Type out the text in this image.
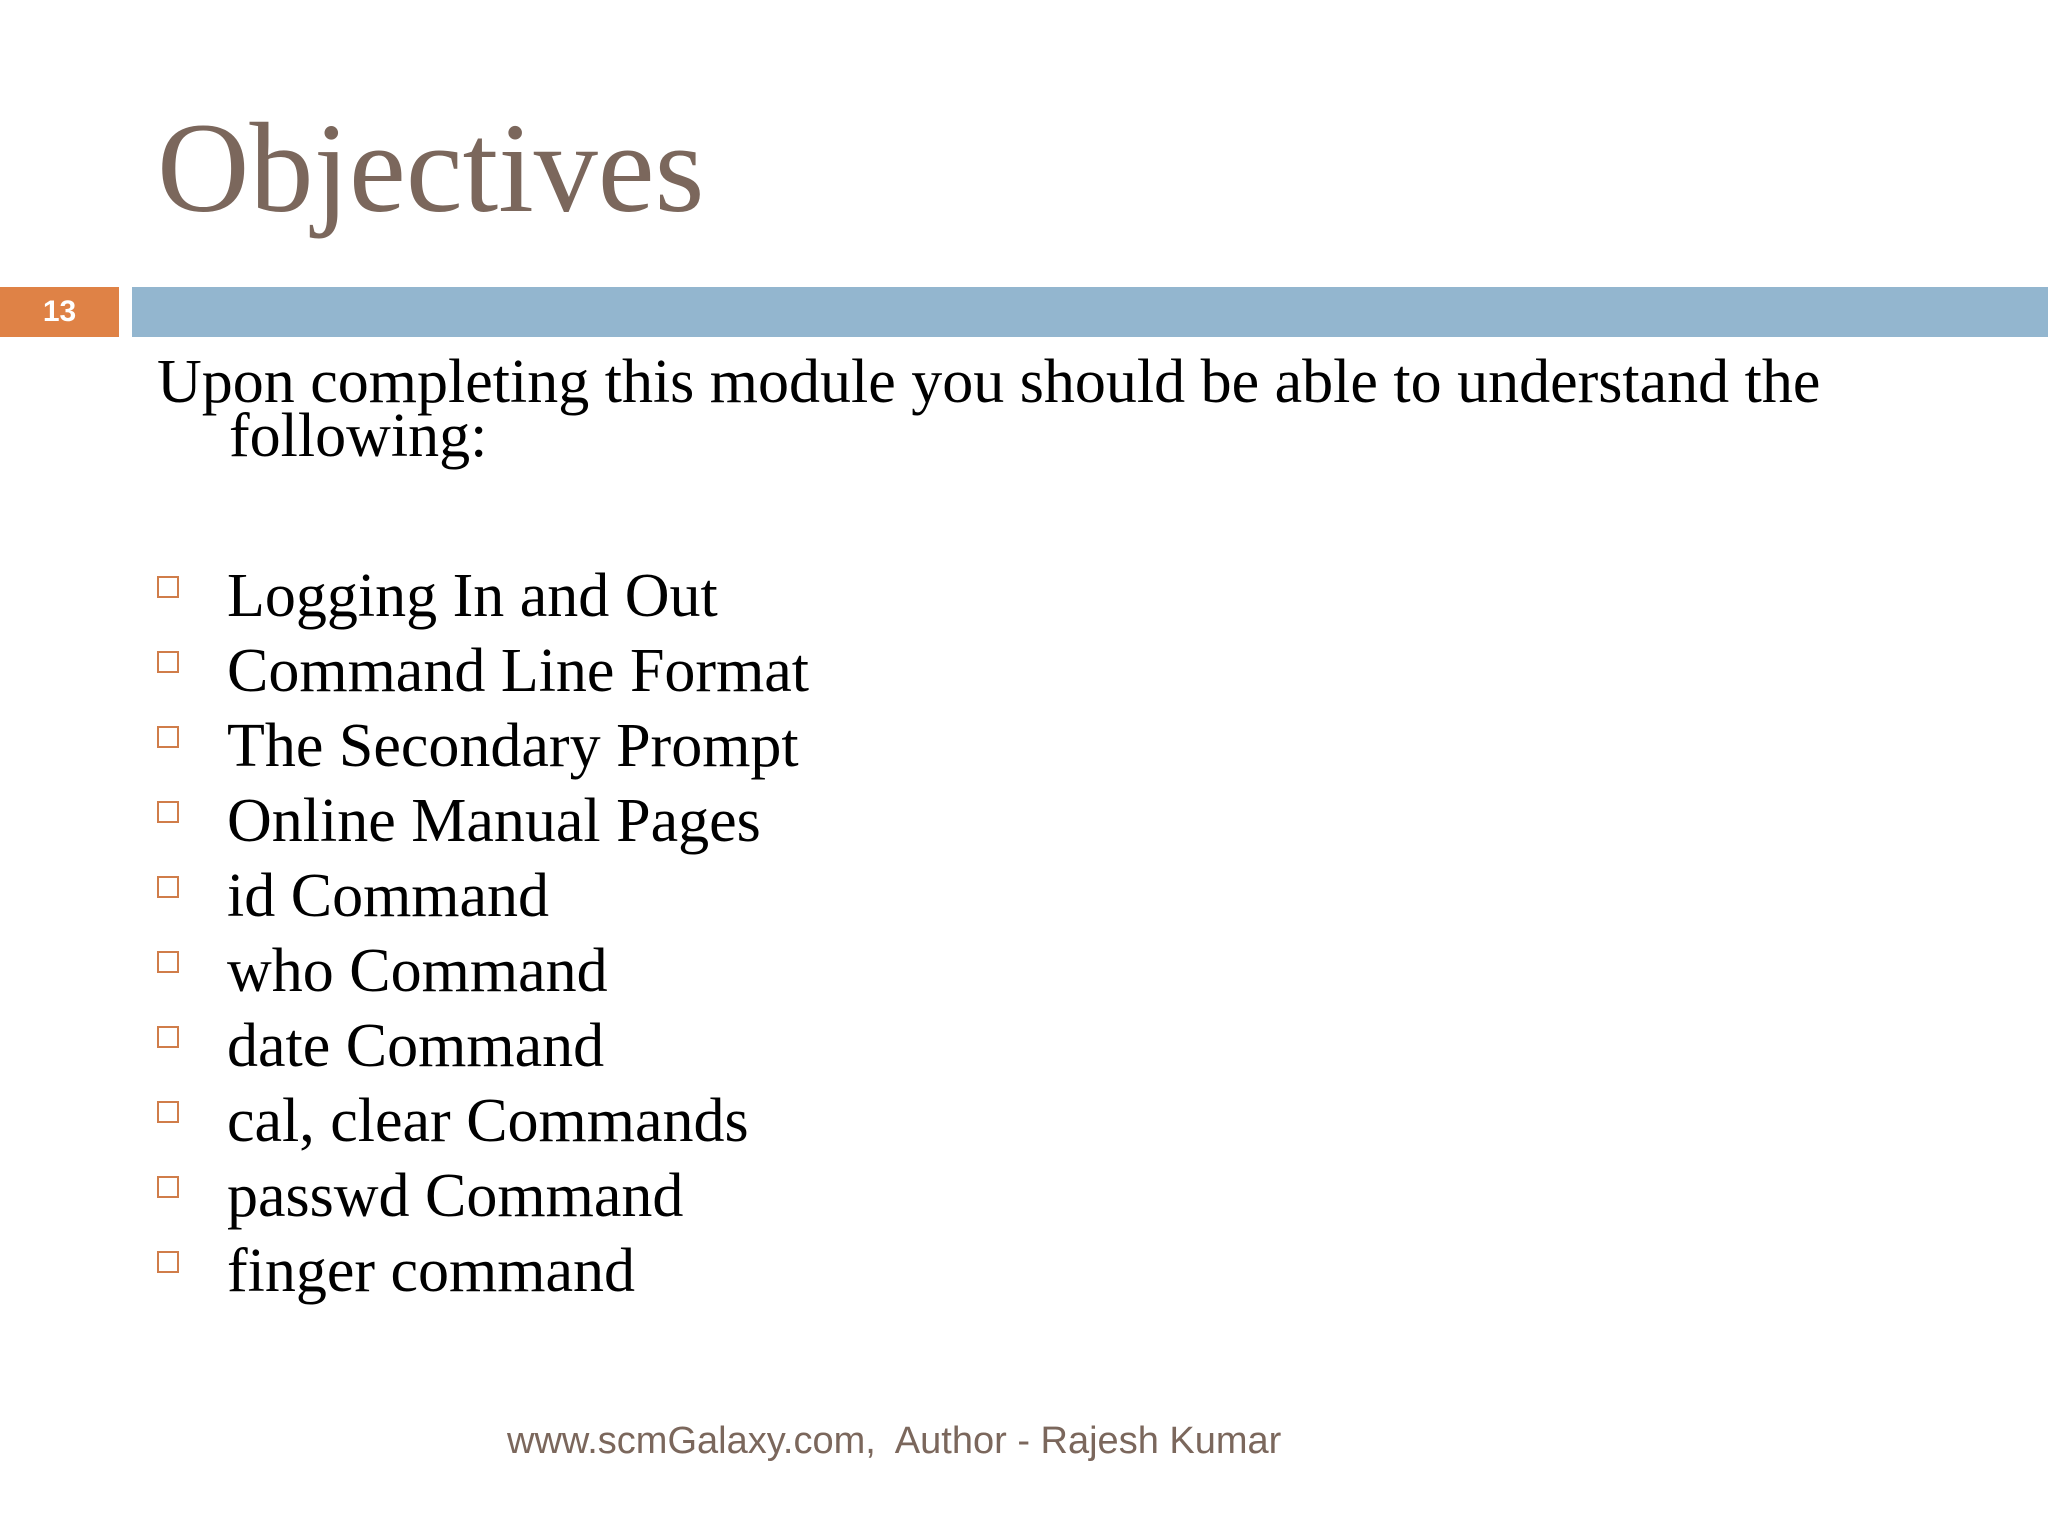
Objectives
13
Upon completing this module you should be able to understand the
following:
Logging In and Out
Command Line Format
The Secondary Prompt
Online Manual Pages
id Command
who Command
date Command
cal, clear Commands
passwd Command
finger command
www.scmGalaxy.com,  Author - Rajesh Kumar
